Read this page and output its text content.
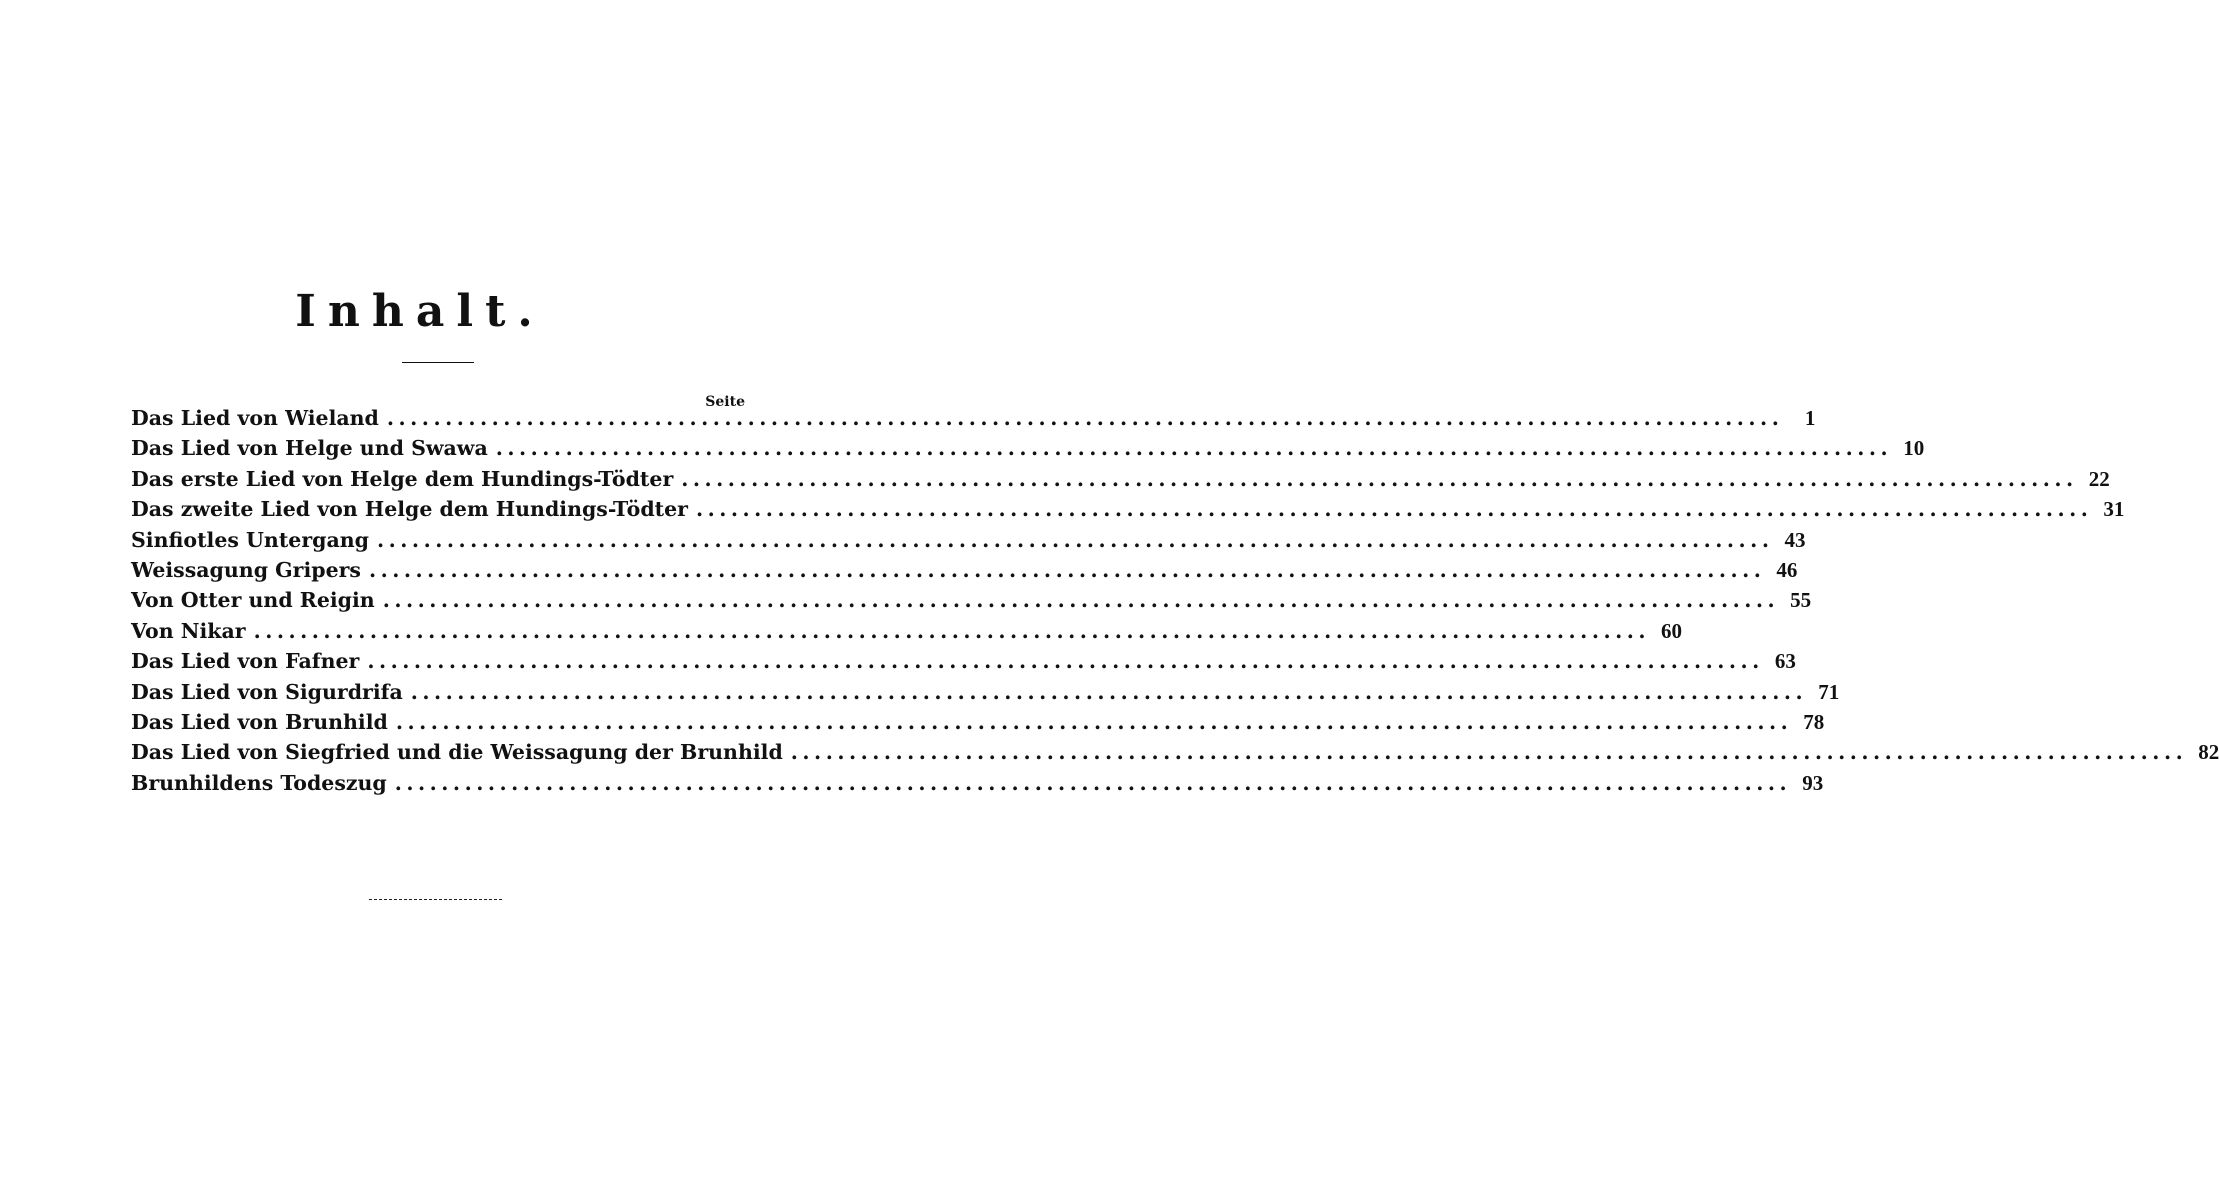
Inhalt.
Seite
Das Lied von Wieland ........................................................................................................................	1
Das Lied von Helge und Swawa ........................................................................................................................ 10
Das erste Lied von Helge dem Hundings-Tödter ........................................................................................................................ 22
Das zweite Lied von Helge dem Hundings-Tödter ........................................................................................................................ 31
Sinfiotles Untergang ........................................................................................................................ 43
Weissagung Gripers ........................................................................................................................ 46
Von Otter und Reigin ........................................................................................................................ 55
Von Nikar ........................................................................................................................ 60
Das Lied von Fafner ........................................................................................................................ 63
Das Lied von Sigurdrifa ........................................................................................................................ 71
Das Lied von Brunhild ........................................................................................................................ 78
Das Lied von Siegfried und die Weissagung der Brunhild ........................................................................................................................ 82
Brunhildens Todeszug ........................................................................................................................ 93
